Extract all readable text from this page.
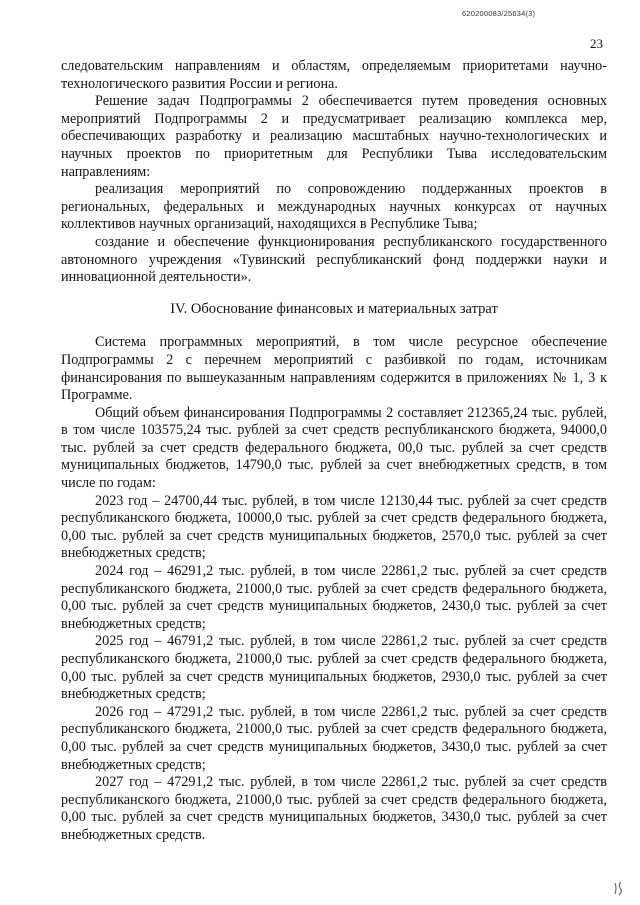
620200083/25634(3)
23

следовательским направлениям и областям, определяемым приоритетами научно-технологического развития России и региона.

Решение задач Подпрограммы 2 обеспечивается путем проведения основных мероприятий Подпрограммы 2 и предусматривает реализацию комплекса мер, обеспечивающих разработку и реализацию масштабных научно-технологических и научных проектов по приоритетным для Республики Тыва исследовательским направлениям:

реализация мероприятий по сопровождению поддержанных проектов в региональных, федеральных и международных научных конкурсах от научных коллективов научных организаций, находящихся в Республике Тыва;

создание и обеспечение функционирования республиканского государственного автономного учреждения «Тувинский республиканский фонд поддержки науки и инновационной деятельности».

IV. Обоснование финансовых и материальных затрат

Система программных мероприятий, в том числе ресурсное обеспечение Подпрограммы 2 с перечнем мероприятий с разбивкой по годам, источникам финансирования по вышеуказанным направлениям содержится в приложениях № 1, 3 к Программе.

Общий объем финансирования Подпрограммы 2 составляет 212365,24 тыс. рублей, в том числе 103575,24 тыс. рублей за счет средств республиканского бюджета, 94000,0 тыс. рублей за счет средств федерального бюджета, 00,0 тыс. рублей за счет средств муниципальных бюджетов, 14790,0 тыс. рублей за счет внебюджетных средств, в том числе по годам:

2023 год – 24700,44 тыс. рублей, в том числе 12130,44 тыс. рублей за счет средств республиканского бюджета, 10000,0 тыс. рублей за счет средств федерального бюджета, 0,00 тыс. рублей за счет средств муниципальных бюджетов, 2570,0 тыс. рублей за счет внебюджетных средств;

2024 год – 46291,2 тыс. рублей, в том числе 22861,2 тыс. рублей за счет средств республиканского бюджета, 21000,0 тыс. рублей за счет средств федерального бюджета, 0,00 тыс. рублей за счет средств муниципальных бюджетов, 2430,0 тыс. рублей за счет внебюджетных средств;

2025 год – 46791,2 тыс. рублей, в том числе 22861,2 тыс. рублей за счет средств республиканского бюджета, 21000,0 тыс. рублей за счет средств федерального бюджета, 0,00 тыс. рублей за счет средств муниципальных бюджетов, 2930,0 тыс. рублей за счет внебюджетных средств;

2026 год – 47291,2 тыс. рублей, в том числе 22861,2 тыс. рублей за счет средств республиканского бюджета, 21000,0 тыс. рублей за счет средств федерального бюджета, 0,00 тыс. рублей за счет средств муниципальных бюджетов, 3430,0 тыс. рублей за счет внебюджетных средств;

2027 год – 47291,2 тыс. рублей, в том числе 22861,2 тыс. рублей за счет средств республиканского бюджета, 21000,0 тыс. рублей за счет средств федерального бюджета, 0,00 тыс. рублей за счет средств муниципальных бюджетов, 3430,0 тыс. рублей за счет внебюджетных средств.
